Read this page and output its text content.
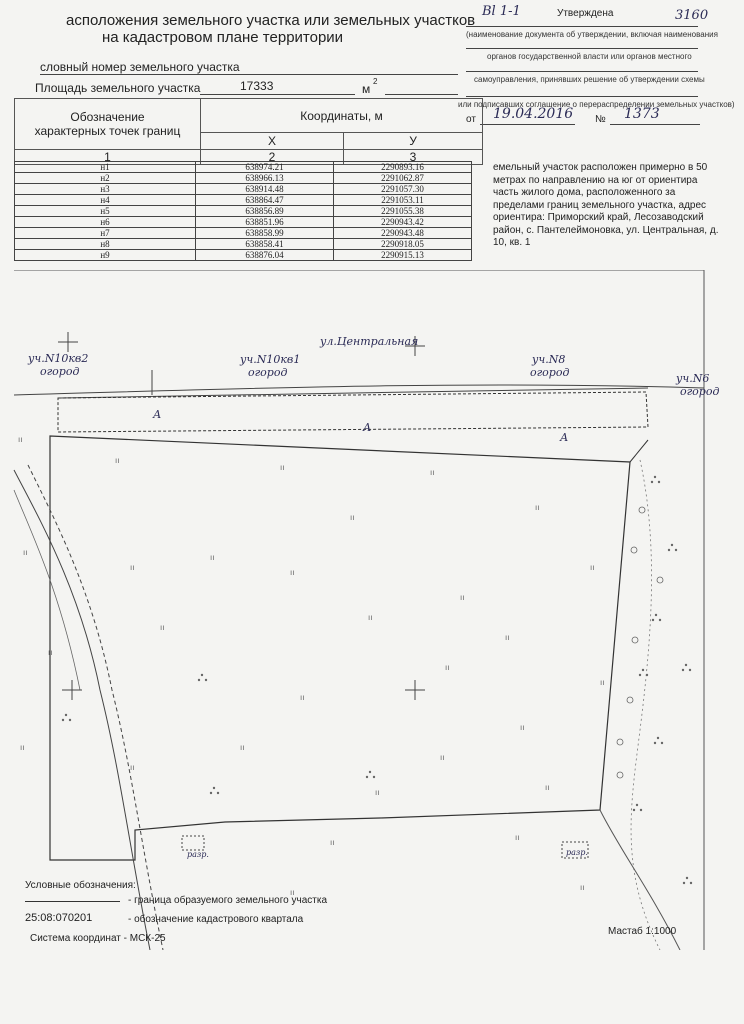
асположения земельного участка или земельных участков
на кадастровом плане территории
Bl 1-1	3160
Утверждена
(наименование документа об утверждении, включая наименования
органов государственной власти или органов местного
самоуправления, принявших решение об утверждении схемы
или подписавших соглашение о перераспределении земельных участков)
от 19.04.2016 № 1373
словный номер земельного участка
Площадь земельного участка	17333	м
2
Обозначение
характерных точек границ	Координаты, м	
	X	У
1	2	3
н1	638974.21	2290893.16
н2	638966.13	2291062.87
н3	638914.48	2291057.30
н4	638864.47	2291053.11
н5	638856.89	2291055.38
н6	638851.96	2290943.42
н7	638858.99	2290943.48
н8	638858.41	2290918.05
н9	638876.04	2290915.13
емельный участок расположен примерно в 50 метрах по направлению на юг от ориентира часть жилого дома, расположенного за пределами границ земельного участка, адрес ориентира: Приморский край, Лесозаводский район, с. Пантелеймоновка, ул. Центральная, д. 10, кв. 1
ıı
ıı
ıı
ıı
ıı
ıı
ıı
ıı
ıı
ıı
ıı
ıı
ıı
ıı
ıı
ıı
ıı
ıı
ıı
ıı
ıı
ıı
ıı
ıı
ıı
ıı
ıı
ıı
ıı
ıı
ул.Центральная
уч.N10кв2
огород
уч.N10кв1
огород
уч.N8
огород	уч.N6
огород
А
А
А
разр.	разр.
Условные обозначения:
- граница образуемого земельного участка
25:08:070201	- обозначение кадастрового квартала
Система координат - МСК-25
Мастаб 1:1000
